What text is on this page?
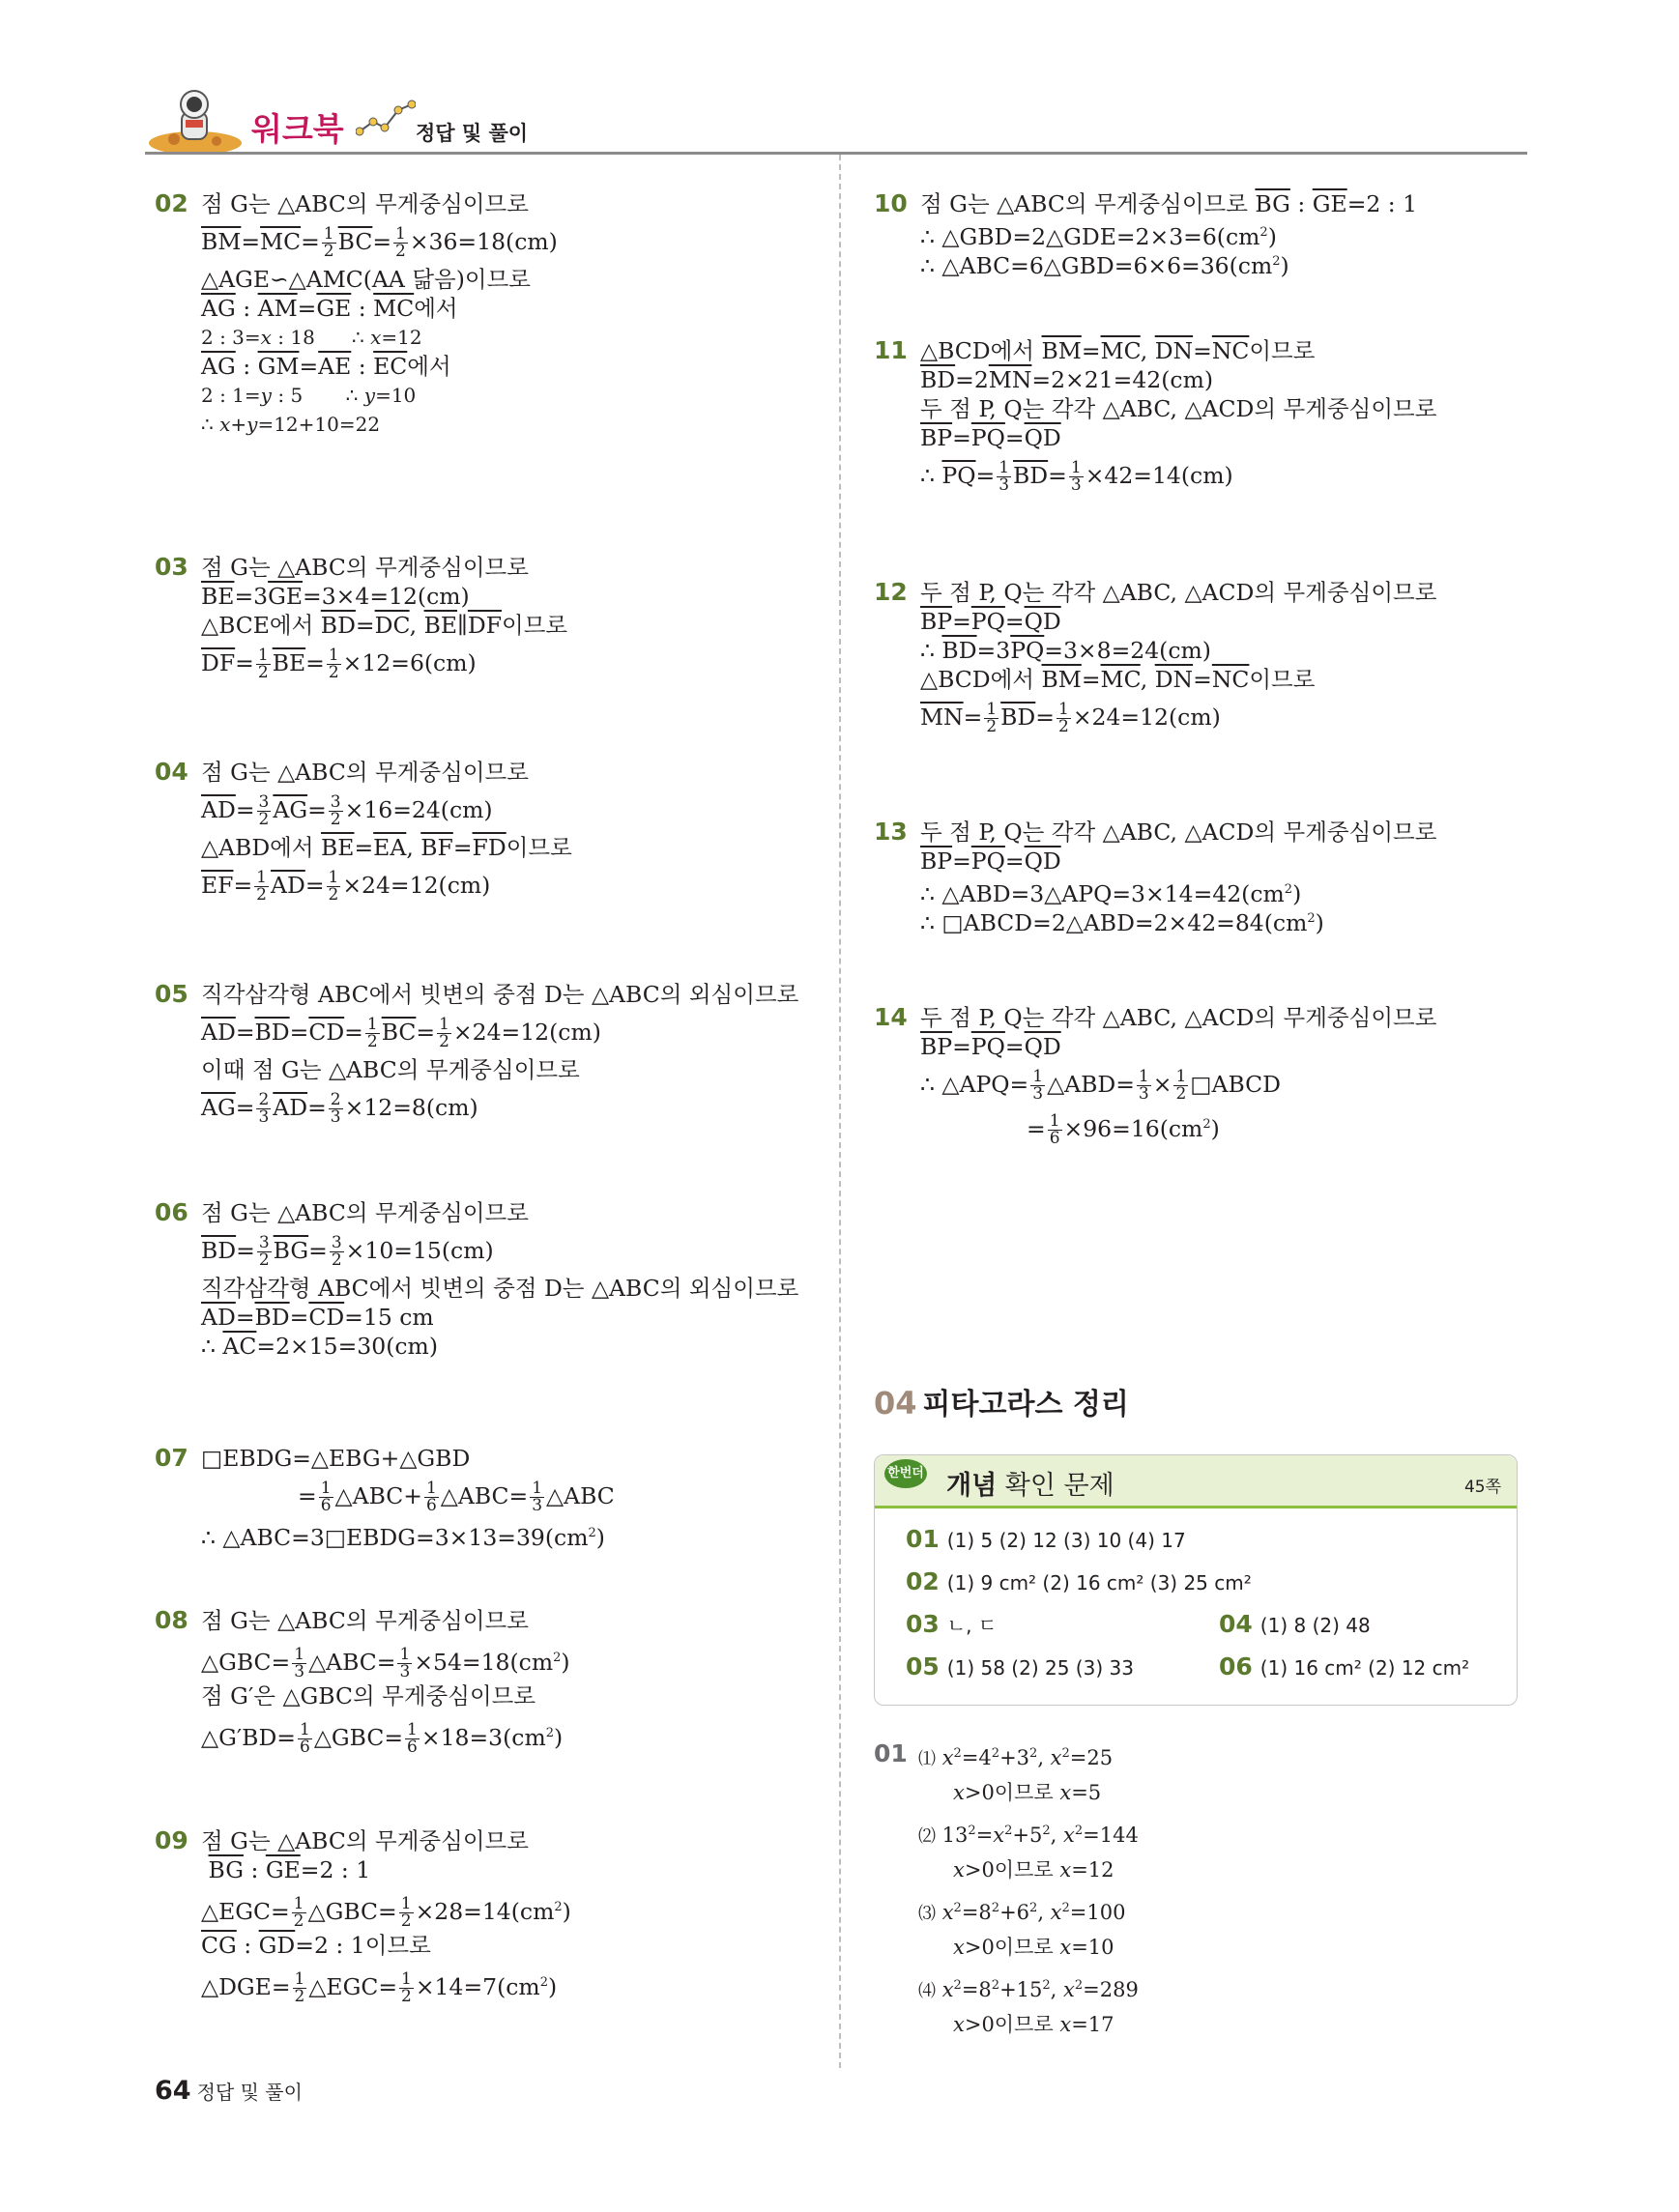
워크북	정답 및 풀이
02 점 G는 △ABC의 무게중심이므로
$\overline{BM}=\overline{MC}= \frac{1}{2} \overline{BC}= \frac{1}{2} \times 36=18(cm)$
△AGE∽△AMC(AA 닮음)이므로
$\overline{AG}$ : $\overline{AM}=\overline{GE}$ : $\overline{MC}$에서
2 : 3=x : 18      ∴ x=12
$\overline{AG}$ : $\overline{GM}=\overline{AE}$ : $\overline{EC}$에서
2 : 1=y : 5       ∴ y=10
∴ x+y=12+10=22
03 점 G는 △ABC의 무게중심이므로
$\overline{BE}=3\overline{GE}=3\times 4=12(cm)$
△BCE에서 $\overline{BD}=\overline{DC}$, $\overline{BE}\parallel\overline{DF}$이므로
$\overline{DF}= \frac{1}{2} \overline{BE}= \frac{1}{2} \times 12=6(cm)$
04 점 G는 △ABC의 무게중심이므로
$\overline{AD}= \frac{3}{2} \overline{AG}= \frac{3}{2} \times 16=24(cm)$
△ABD에서 $\overline{BE}=\overline{EA}$, $\overline{BF}=\overline{FD}$이므로
$\overline{EF}= \frac{1}{2} \overline{AD}= \frac{1}{2} \times 24=12(cm)$
05 직각삼각형 ABC에서 빗변의 중점 D는 △ABC의 외심이므로
$\overline{AD}=\overline{BD}=\overline{CD}= \frac{1}{2} \overline{BC}= \frac{1}{2} \times 24=12(cm)$
이때 점 G는 △ABC의 무게중심이므로
$\overline{AG}= \frac{2}{3} \overline{AD}= \frac{2}{3} \times 12=8(cm)$
06 점 G는 △ABC의 무게중심이므로
$\overline{BD}= \frac{3}{2} \overline{BG}= \frac{3}{2} \times 10=15(cm)$
직각삼각형 ABC에서 빗변의 중점 D는 △ABC의 외심이므로
$\overline{AD}=\overline{BD}=\overline{CD}=15$ cm
∴ $\overline{AC}=2\times 15=30(cm)$
07 □EBDG=△EBG+△GBD
= $\frac{1}{6}$ △ABC+ $\frac{1}{6}$ △ABC= $\frac{1}{3}$ △ABC
∴ $\triangle ABC=3□EBDG=3\times 13=39(cm^2)$
08 점 G는 △ABC의 무게중심이므로
△GBC= $\frac{1}{3}$ △ABC= $\frac{1}{3} \times 54=18(cm^2)$
점 G′은 △GBC의 무게중심이므로
△G′BD= $\frac{1}{6}$ △GBC= $\frac{1}{6} \times 18=3(cm^2)$
09 점 G는 △ABC의 무게중심이므로
$\overline{BG}$ : $\overline{GE}=2$ : 1
△EGC= $\frac{1}{2}$ △GBC= $\frac{1}{2} \times 28=14(cm^2)$
$\overline{CG}$ : $\overline{GD}=2$ : 1이므로
△DGE= $\frac{1}{2}$ △EGC= $\frac{1}{2} \times 14=7(cm^2)$
10 점 G는 △ABC의 무게중심이므로 $\overline{BG}$ : $\overline{GE}=2$ : 1
∴ $\triangle GBD=2\triangle GDE=2\times 3=6(cm^2)$
∴ $\triangle ABC=6\triangle GBD=6\times 6=36(cm^2)$
11 △BCD에서 $\overline{BM}=\overline{MC}$, $\overline{DN}=\overline{NC}$이므로
$\overline{BD}=2\overline{MN}=2\times 21=42(cm)$
두 점 P, Q는 각각 △ABC, △ACD의 무게중심이므로
$\overline{BP}=\overline{PQ}=\overline{QD}$
∴ $\overline{PQ}= \frac{1}{3} \overline{BD}= \frac{1}{3} \times 42=14(cm)$
12 두 점 P, Q는 각각 △ABC, △ACD의 무게중심이므로
$\overline{BP}=\overline{PQ}=\overline{QD}$
∴ $\overline{BD}=3\overline{PQ}=3\times 8=24(cm)$
△BCD에서 $\overline{BM}=\overline{MC}$, $\overline{DN}=\overline{NC}$이므로
$\overline{MN}= \frac{1}{2} \overline{BD}= \frac{1}{2} \times 24=12(cm)$
13 두 점 P, Q는 각각 △ABC, △ACD의 무게중심이므로
$\overline{BP}=\overline{PQ}=\overline{QD}$
∴ $\triangle ABD=3\triangle APQ=3\times 14=42(cm^2)$
∴ $□ABCD=2\triangle ABD=2\times 42=84(cm^2)$
14 두 점 P, Q는 각각 △ABC, △ACD의 무게중심이므로
$\overline{BP}=\overline{PQ}=\overline{QD}$
∴ △APQ= $\frac{1}{3}$ △ABD= $\frac{1}{3} \times \frac{1}{2}$ □ABCD
= $\frac{1}{6} \times 96=16(cm^2)$
04 피타고라스 정리
한번더 개념 확인 문제	45쪽
01 (1) 5 (2) 12 (3) 10 (4) 17
02 (1) 9 cm² (2) 16 cm² (3) 25 cm²
03 ㄴ, ㄷ	04 (1) 8 (2) 48
05 (1) 58 (2) 25 (3) 33	06 (1) 16 cm² (2) 12 cm²
01 ⑴ $x^2=4^2+3^2$, $x^2=25$
x>0이므로 x=5
⑵ $13^2=x^2+5^2$, $x^2=144$
x>0이므로 x=12
⑶ $x^2=8^2+6^2$, $x^2=100$
x>0이므로 x=10
⑷ $x^2=8^2+15^2$, $x^2=289$
x>0이므로 x=17
64 정답 및 풀이
